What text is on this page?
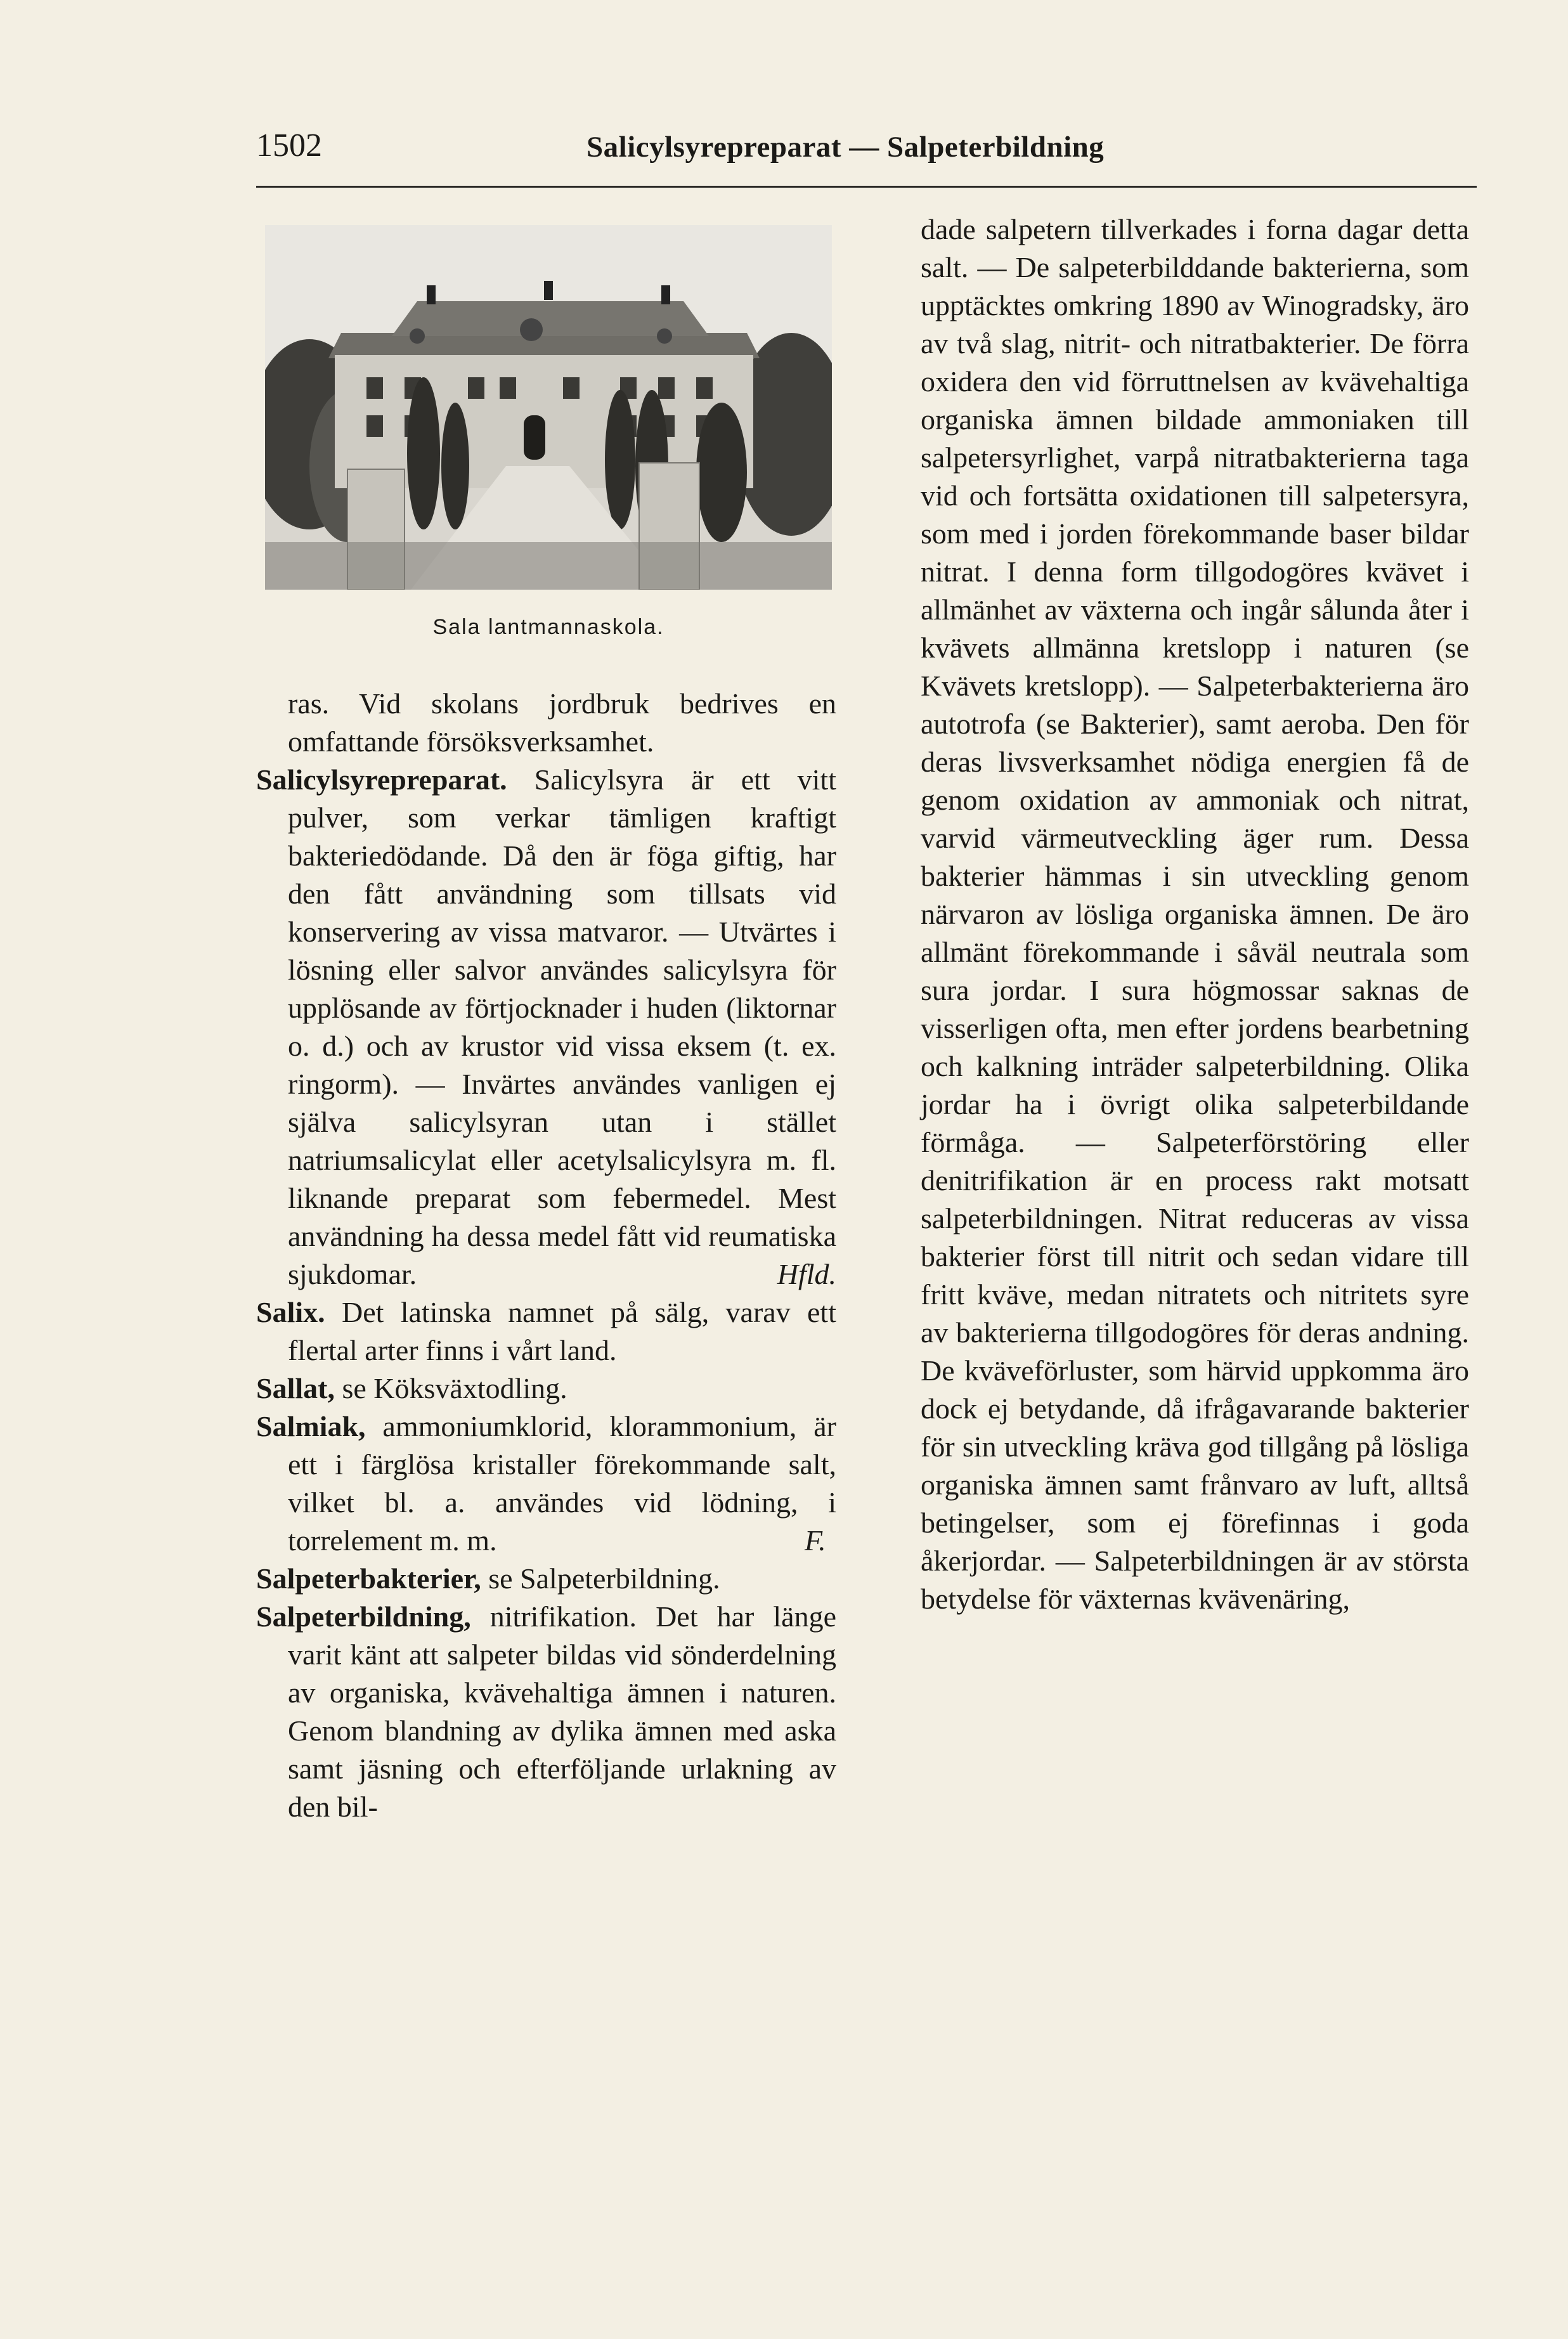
1502	Salicylsyrepreparat — Salpeterbildning
Sala lantmannaskola.

ras. Vid skolans jordbruk bedrives en omfattande försöksverksamhet.

Salicylsyrepreparat. Salicylsyra är ett vitt pulver, som verkar tämligen kraftigt bakteriedödande. Då den är föga giftig, har den fått användning som tillsats vid konservering av vissa matvaror. — Utvärtes i lösning eller salvor användes salicylsyra för upplösande av förtjocknader i huden (liktornar o. d.) och av krustor vid vissa eksem (t. ex. ringorm). — Invärtes användes vanligen ej själva salicylsyran utan i stället natriumsalicylat eller acetylsalicylsyra m. fl. liknande preparat som febermedel. Mest användning ha dessa medel fått vid reumatiska sjukdomar.	Hfld.

Salix. Det latinska namnet på sälg, varav ett flertal arter finns i vårt land.

Sallat, se Köksväxtodling.

Salmiak, ammoniumklorid, klorammonium, är ett i färglösa kristaller förekommande salt, vilket bl. a. användes vid lödning, i torrelement m. m.	F.

Salpeterbakterier, se Salpeterbildning.

Salpeterbildning, nitrifikation. Det har länge varit känt att salpeter bildas vid sönderdelning av organiska, kvävehaltiga ämnen i naturen. Genom blandning av dylika ämnen med aska samt jäsning och efterföljande urlakning av den bil-

dade salpetern tillverkades i forna dagar detta salt. — De salpeterbilddande bakterierna, som upptäcktes omkring 1890 av Winogradsky, äro av två slag, nitrit- och nitratbakterier. De förra oxidera den vid förruttnelsen av kvävehaltiga organiska ämnen bildade ammoniaken till salpetersyrlighet, varpå nitratbakterierna taga vid och fortsätta oxidationen till salpetersyra, som med i jorden förekommande baser bildar nitrat. I denna form tillgodogöres kvävet i allmänhet av växterna och ingår sålunda åter i kvävets allmänna kretslopp i naturen (se Kvävets kretslopp). — Salpeterbakterierna äro autotrofa (se Bakterier), samt aeroba. Den för deras livsverksamhet nödiga energien få de genom oxidation av ammoniak och nitrat, varvid värmeutveckling äger rum. Dessa bakterier hämmas i sin utveckling genom närvaron av lösliga organiska ämnen. De äro allmänt förekommande i såväl neutrala som sura jordar. I sura högmossar saknas de visserligen ofta, men efter jordens bearbetning och kalkning inträder salpeterbildning. Olika jordar ha i övrigt olika salpeterbildande förmåga. — Salpeterförstöring eller denitrifikation är en process rakt motsatt salpeterbildningen. Nitrat reduceras av vissa bakterier först till nitrit och sedan vidare till fritt kväve, medan nitratets och nitritets syre av bakterierna tillgodogöres för deras andning. De kväveförluster, som härvid uppkomma äro dock ej betydande, då ifrågavarande bakterier för sin utveckling kräva god tillgång på lösliga organiska ämnen samt frånvaro av luft, alltså betingelser, som ej förefinnas i goda åkerjordar. — Salpeterbildningen är av största betydelse för växternas kvävenäring,
